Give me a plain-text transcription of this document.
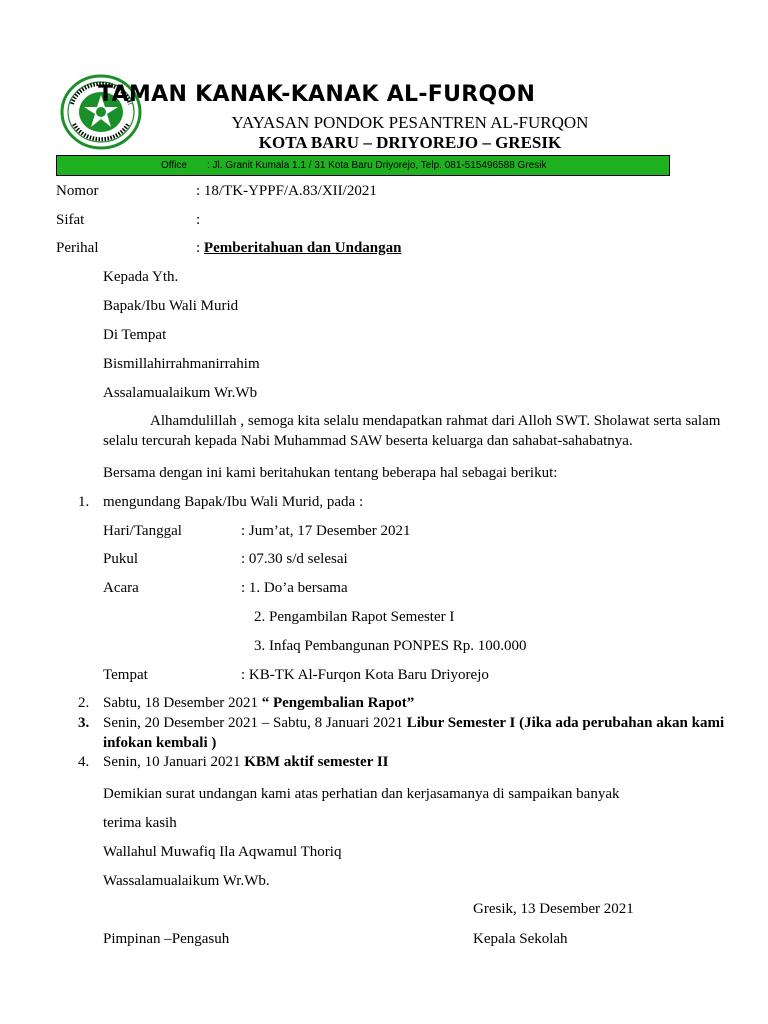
TAMAN KANAK-KANAK AL-FURQON
YAYASAN PONDOK PESANTREN AL-FURQON
KOTA BARU – DRIYOREJO – GRESIK
Office : Jl. Granit Kumala 1.1 / 31 Kota Baru Driyorejo, Telp. 081-515496588 Gresik
Nomor	: 18/TK-YPPF/A.83/XII/2021
Sifat	:
Perihal	: Pemberitahuan dan Undangan
Kepada Yth.
Bapak/Ibu Wali Murid
Di Tempat
Bismillahirrahmanirrahim
Assalamualaikum Wr.Wb
Alhamdulillah , semoga kita selalu mendapatkan rahmat dari Alloh SWT. Sholawat serta salam
selalu tercurah kepada Nabi Muhammad SAW beserta keluarga dan sahabat-sahabatnya.
Bersama dengan ini kami beritahukan tentang beberapa hal sebagai berikut:
1. mengundang Bapak/Ibu Wali Murid, pada :
Hari/Tanggal	: Jum’at, 17 Desember 2021
Pukul	: 07.30 s/d selesai
Acara	: 1. Do’a bersama
2. Pengambilan Rapot Semester I
3. Infaq Pembangunan PONPES Rp. 100.000
Tempat	: KB-TK Al-Furqon Kota Baru Driyorejo
2. Sabtu, 18 Desember 2021 “ Pengembalian Rapot”
3. Senin, 20 Desember 2021 – Sabtu, 8 Januari 2021 Libur Semester I (Jika ada perubahan akan kami
infokan kembali )
4. Senin, 10 Januari 2021 KBM aktif semester II
Demikian surat undangan kami atas perhatian dan kerjasamanya di sampaikan banyak
terima kasih
Wallahul Muwafiq Ila Aqwamul Thoriq
Wassalamualaikum Wr.Wb.
Gresik, 13 Desember 2021
Pimpinan –Pengasuh	Kepala Sekolah
